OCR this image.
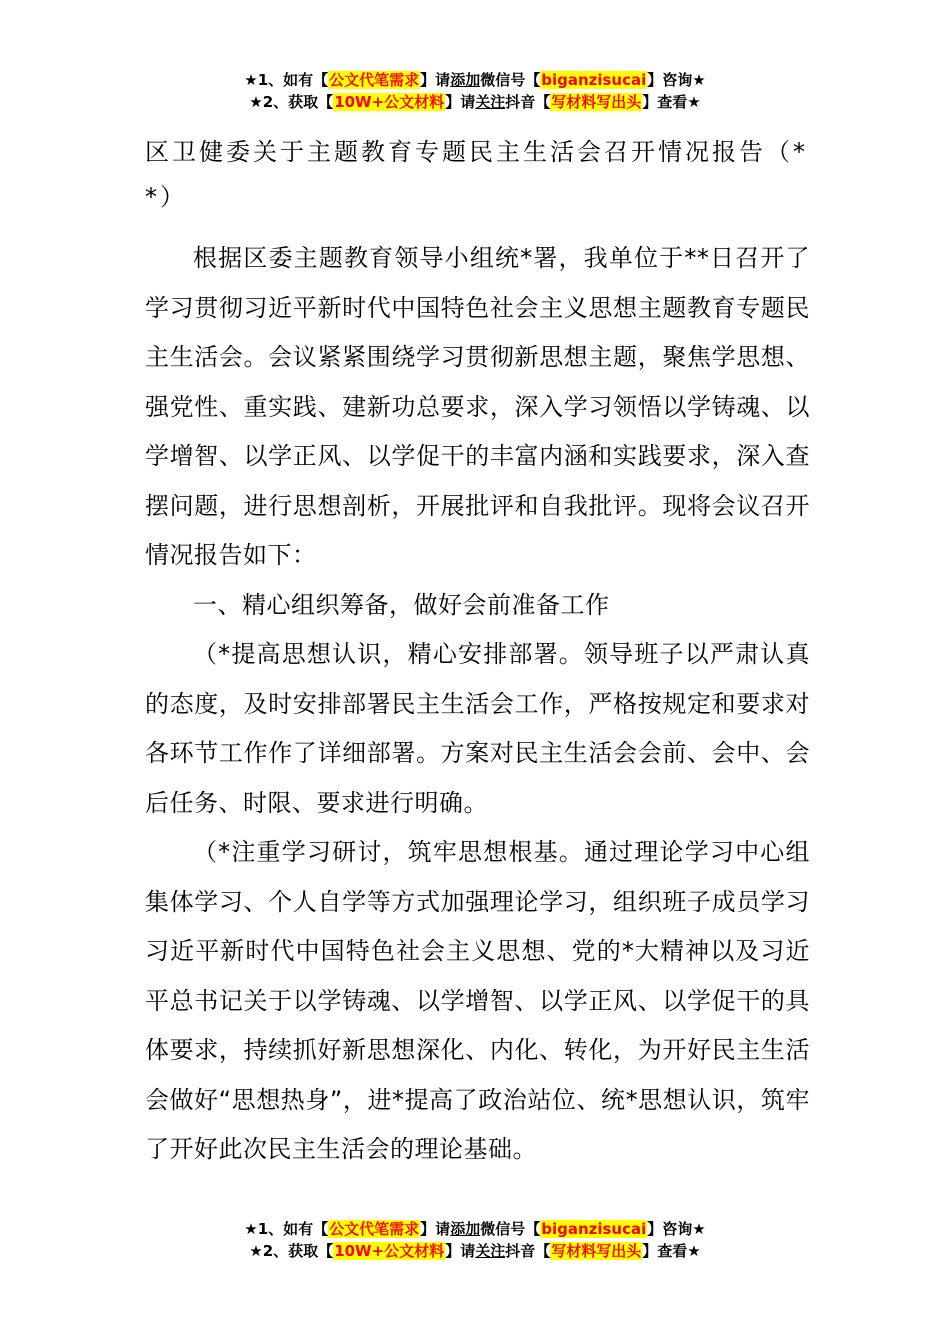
★1、如有【公文代笔需求】请添加微信号【biganzisucai】咨询★
★2、获取【10W+公文材料】请关注抖音【写材料写出头】查看★
区卫健委关于主题教育专题民主生活会召开情况报告（*
*）

根据区委主题教育领导小组统*署，我单位于**日召开了学习贯彻习近平新时代中国特色社会主义思想主题教育专题民主生活会。会议紧紧围绕学习贯彻新思想主题，聚焦学思想、强党性、重实践、建新功总要求，深入学习领悟以学铸魂、以学增智、以学正风、以学促干的丰富内涵和实践要求，深入查摆问题，进行思想剖析，开展批评和自我批评。现将会议召开情况报告如下：

一、精心组织筹备，做好会前准备工作

（*提高思想认识，精心安排部署。领导班子以严肃认真的态度，及时安排部署民主生活会工作，严格按规定和要求对各环节工作作了详细部署。方案对民主生活会会前、会中、会后任务、时限、要求进行明确。

（*注重学习研讨，筑牢思想根基。通过理论学习中心组集体学习、个人自学等方式加强理论学习，组织班子成员学习习近平新时代中国特色社会主义思想、党的*大精神以及习近平总书记关于以学铸魂、以学增智、以学正风、以学促干的具体要求，持续抓好新思想深化、内化、转化，为开好民主生活会做好“思想热身”，进*提高了政治站位、统*思想认识，筑牢了开好此次民主生活会的理论基础。

★1、如有【公文代笔需求】请添加微信号【biganzisucai】咨询★
★2、获取【10W+公文材料】请关注抖音【写材料写出头】查看★
